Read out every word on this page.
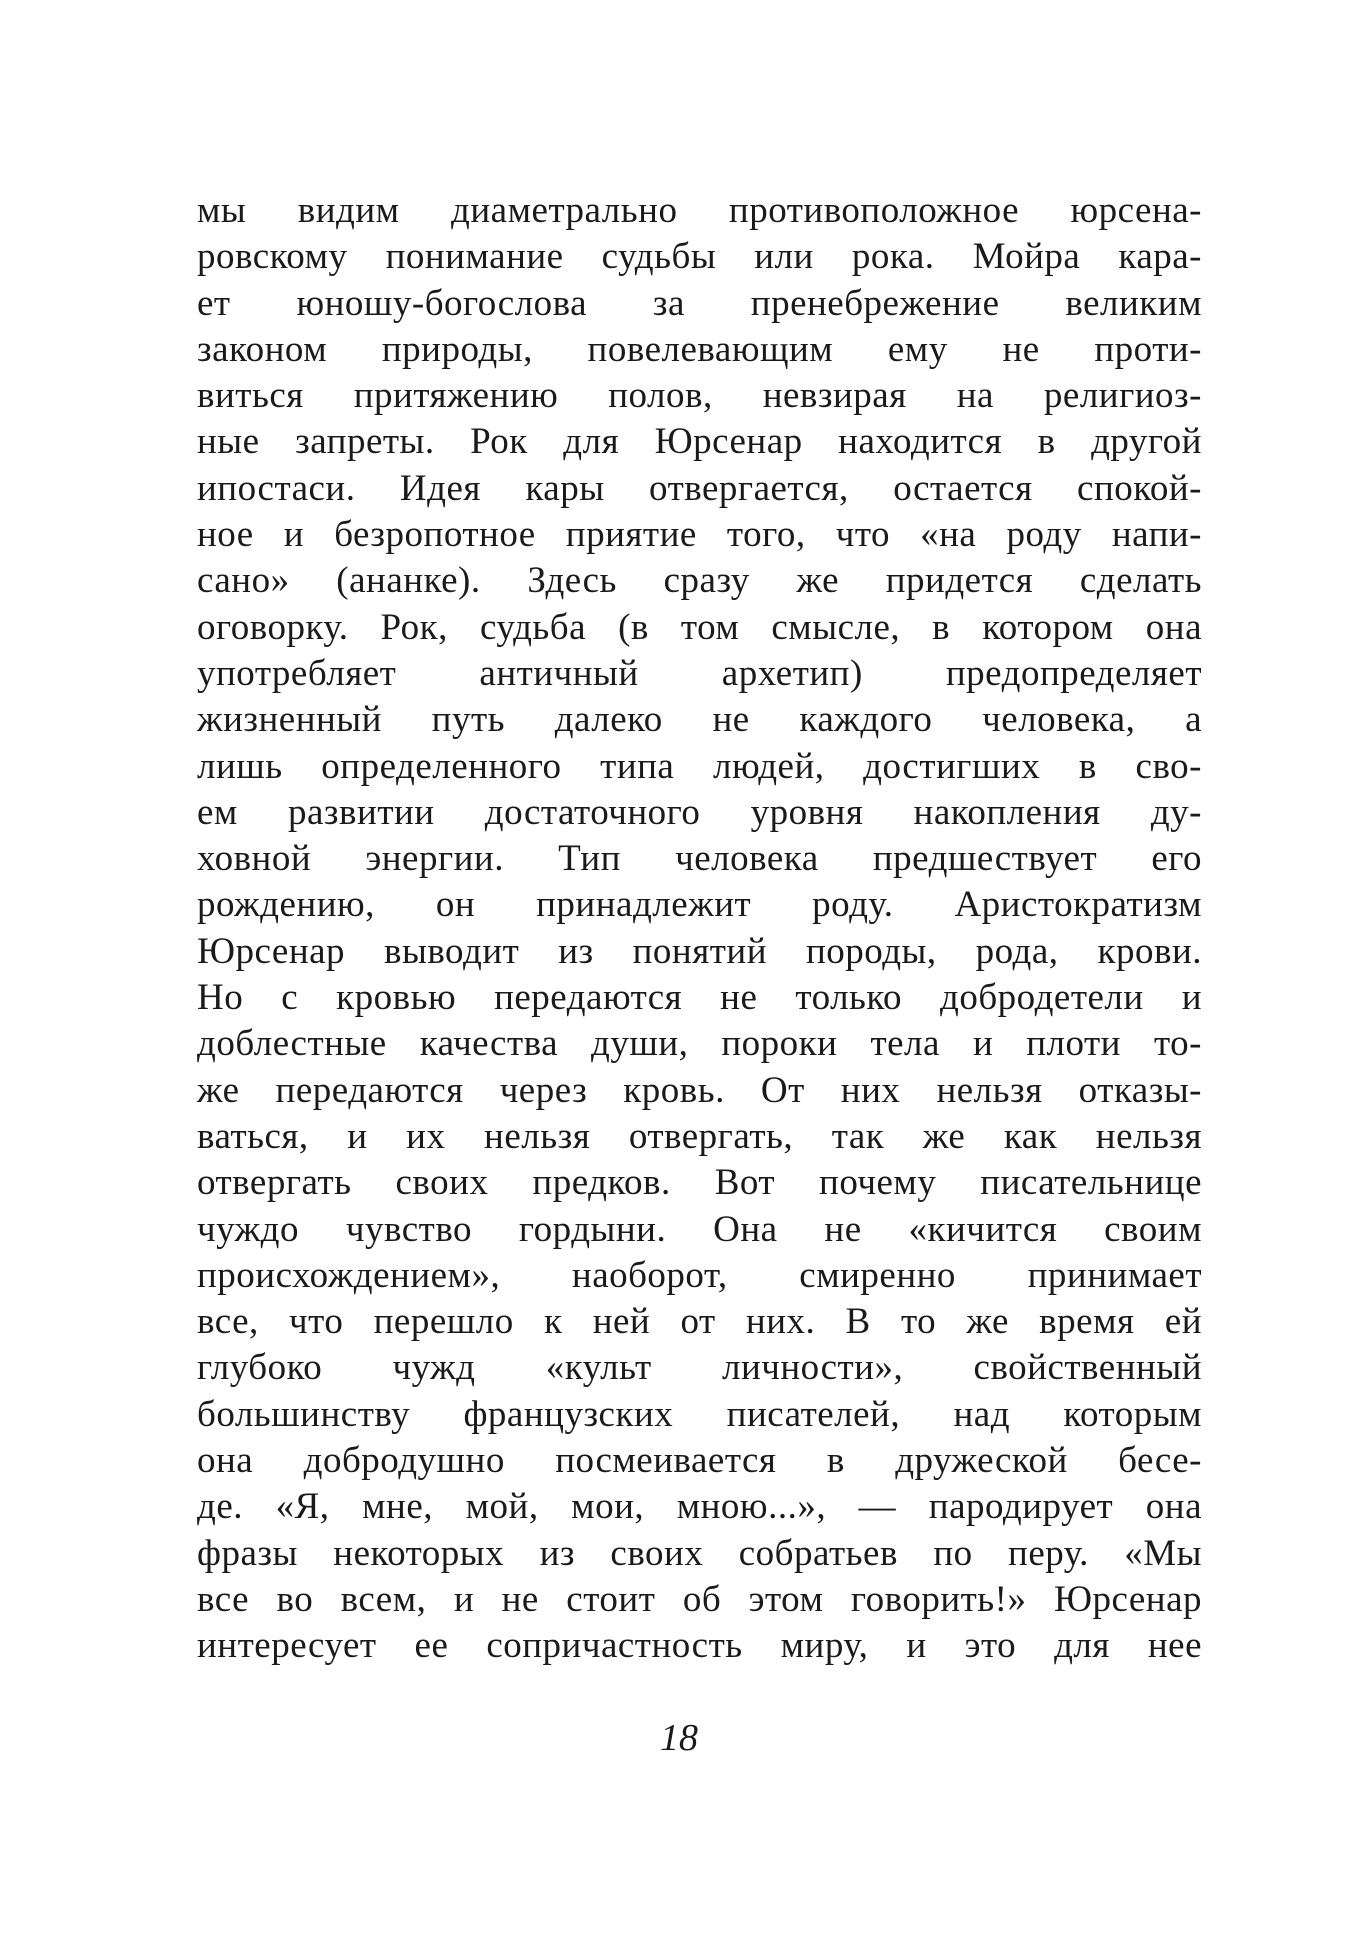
мы видим диаметрально противоположное юрсена-
ровскому понимание судьбы или рока. Мойра кара-
ет юношу-богослова за пренебрежение великим
законом природы, повелевающим ему не проти-
виться притяжению полов, невзирая на религиоз-
ные запреты. Рок для Юрсенар находится в другой
ипостаси. Идея кары отвергается, остается спокой-
ное и безропотное приятие того, что «на роду напи-
сано» (ананке). Здесь сразу же придется сделать
оговорку. Рок, судьба (в том смысле, в котором она
употребляет античный архетип) предопределяет
жизненный путь далеко не каждого человека, а
лишь определенного типа людей, достигших в сво-
ем развитии достаточного уровня накопления ду-
ховной энергии. Тип человека предшествует его
рождению, он принадлежит роду. Аристократизм
Юрсенар выводит из понятий породы, рода, крови.
Но с кровью передаются не только добродетели и
доблестные качества души, пороки тела и плоти то-
же передаются через кровь. От них нельзя отказы-
ваться, и их нельзя отвергать, так же как нельзя
отвергать своих предков. Вот почему писательнице
чуждо чувство гордыни. Она не «кичится своим
происхождением», наоборот, смиренно принимает
все, что перешло к ней от них. В то же время ей
глубоко чужд «культ личности», свойственный
большинству французских писателей, над которым
она добродушно посмеивается в дружеской бесе-
де. «Я, мне, мой, мои, мною...», — пародирует она
фразы некоторых из своих собратьев по перу. «Мы
все во всем, и не стоит об этом говорить!» Юрсенар
интересует ее сопричастность миру, и это для нее
18
